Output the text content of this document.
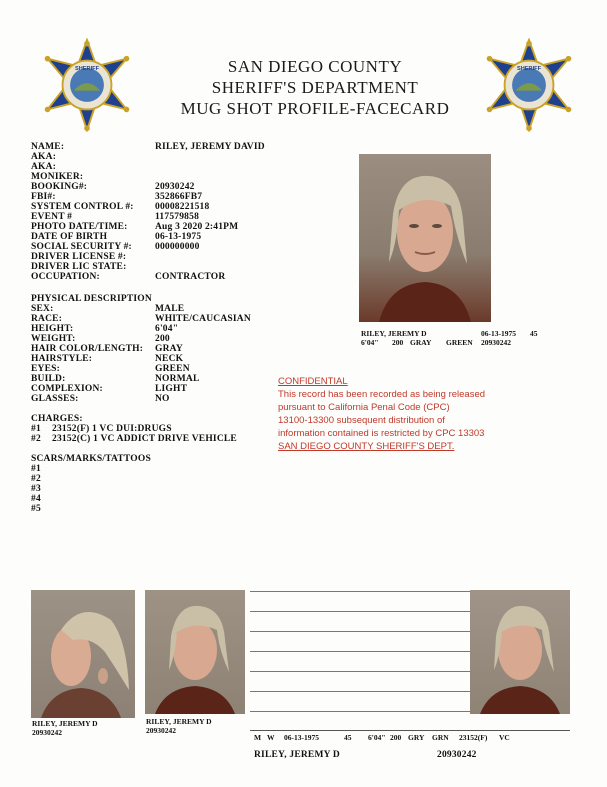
SHERIFF	SHERIFF
SAN DIEGO COUNTY
SHERIFF'S DEPARTMENT
MUG SHOT PROFILE-FACECARD
NAME:	RILEY, JEREMY DAVID
AKA:
AKA:
MONIKER:
BOOKING#:	20930242
FBI#:	352866FB7
SYSTEM CONTROL #: 00008221518
EVENT #	117579858
PHOTO DATE/TIME:	Aug 3 2020 2:41PM
DATE OF BIRTH	06-13-1975
SOCIAL SECURITY #: 000000000
DRIVER LICENSE #:
DRIVER LIC STATE:
OCCUPATION:	CONTRACTOR
PHYSICAL DESCRIPTION
SEX:	MALE
RACE:	WHITE/CAUCASIAN
HEIGHT:	6'04"
WEIGHT:	200
HAIR COLOR/LENGTH: GRAY
HAIRSTYLE:	NECK
EYES:	GREEN
BUILD:	NORMAL
COMPLEXION:	LIGHT
GLASSES:	NO
CHARGES:
#1 23152(F) 1 VC DUI:DRUGS
#2 23152(C) 1 VC ADDICT DRIVE VEHICLE
SCARS/MARKS/TATTOOS
#1
#2
#3
#4
#5
RILEY, JEREMY D	06-13-1975 45
6'04" 200 GRAY GREEN 20930242
CONFIDENTIAL
This record has been recorded as being released
pursuant to California Penal Code (CPC)
13100-13300 subsequent distribution of
information contained is restricted by CPC 13303
SAN DIEGO COUNTY SHERIFF'S DEPT.
RILEY, JEREMY D
20930242
RILEY, JEREMY D
20930242
M W 06-13-1975	45 6'04" 200 GRY GRN 23152(F) VC
RILEY, JEREMY D	20930242
